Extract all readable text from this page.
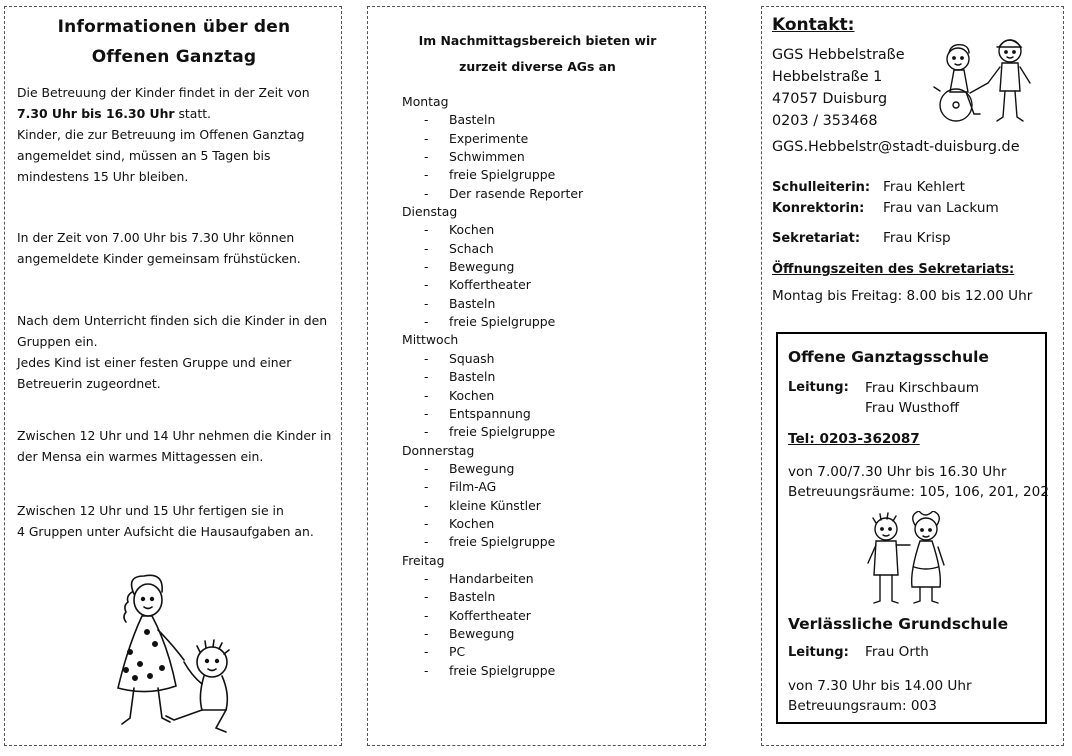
Informationen über den
Offenen Ganztag

Die Betreuung der Kinder findet in der Zeit von
7.30 Uhr bis 16.30 Uhr statt.
Kinder, die zur Betreuung im Offenen Ganztag angemeldet sind, müssen an 5 Tagen bis mindestens 15 Uhr bleiben.

In der Zeit von 7.00 Uhr bis 7.30 Uhr können angemeldete Kinder gemeinsam frühstücken.

Nach dem Unterricht finden sich die Kinder in den Gruppen ein.
Jedes Kind ist einer festen Gruppe und einer Betreuerin zugeordnet.

Zwischen 12 Uhr und 14 Uhr nehmen die Kinder in der Mensa ein warmes Mittagessen ein.

Zwischen 12 Uhr und 15 Uhr fertigen sie in
4 Gruppen unter Aufsicht die Hausaufgaben an.

Im Nachmittagsbereich bieten wir
zurzeit diverse AGs an
Montag
- Basteln
- Experimente
- Schwimmen
- freie Spielgruppe
- Der rasende Reporter
Dienstag
- Kochen
- Schach
- Bewegung
- Koffertheater
- Basteln
- freie Spielgruppe
Mittwoch
- Squash
- Basteln
- Kochen
- Entspannung
- freie Spielgruppe
Donnerstag
- Bewegung
- Film-AG
- kleine Künstler
- Kochen
- freie Spielgruppe
Freitag
- Handarbeiten
- Basteln
- Koffertheater
- Bewegung
- PC
- freie Spielgruppe
Kontakt:
GGS Hebbelstraße
Hebbelstraße 1
47057 Duisburg
0203 / 353468
GGS.Hebbelstr@stadt-duisburg.de
Schulleiterin: Frau Kehlert
Konrektorin: Frau van Lackum
Sekretariat: Frau Krisp
Öffnungszeiten des Sekretariats:
Montag bis Freitag: 8.00 bis 12.00 Uhr
Offene Ganztagsschule
Leitung: Frau Kirschbaum
Frau Wusthoff
Tel: 0203-362087
von 7.00/7.30 Uhr bis 16.30 Uhr
Betreuungsräume: 105, 106, 201, 202
Verlässliche Grundschule
Leitung: Frau Orth
von 7.30 Uhr bis 14.00 Uhr
Betreuungsraum: 003
